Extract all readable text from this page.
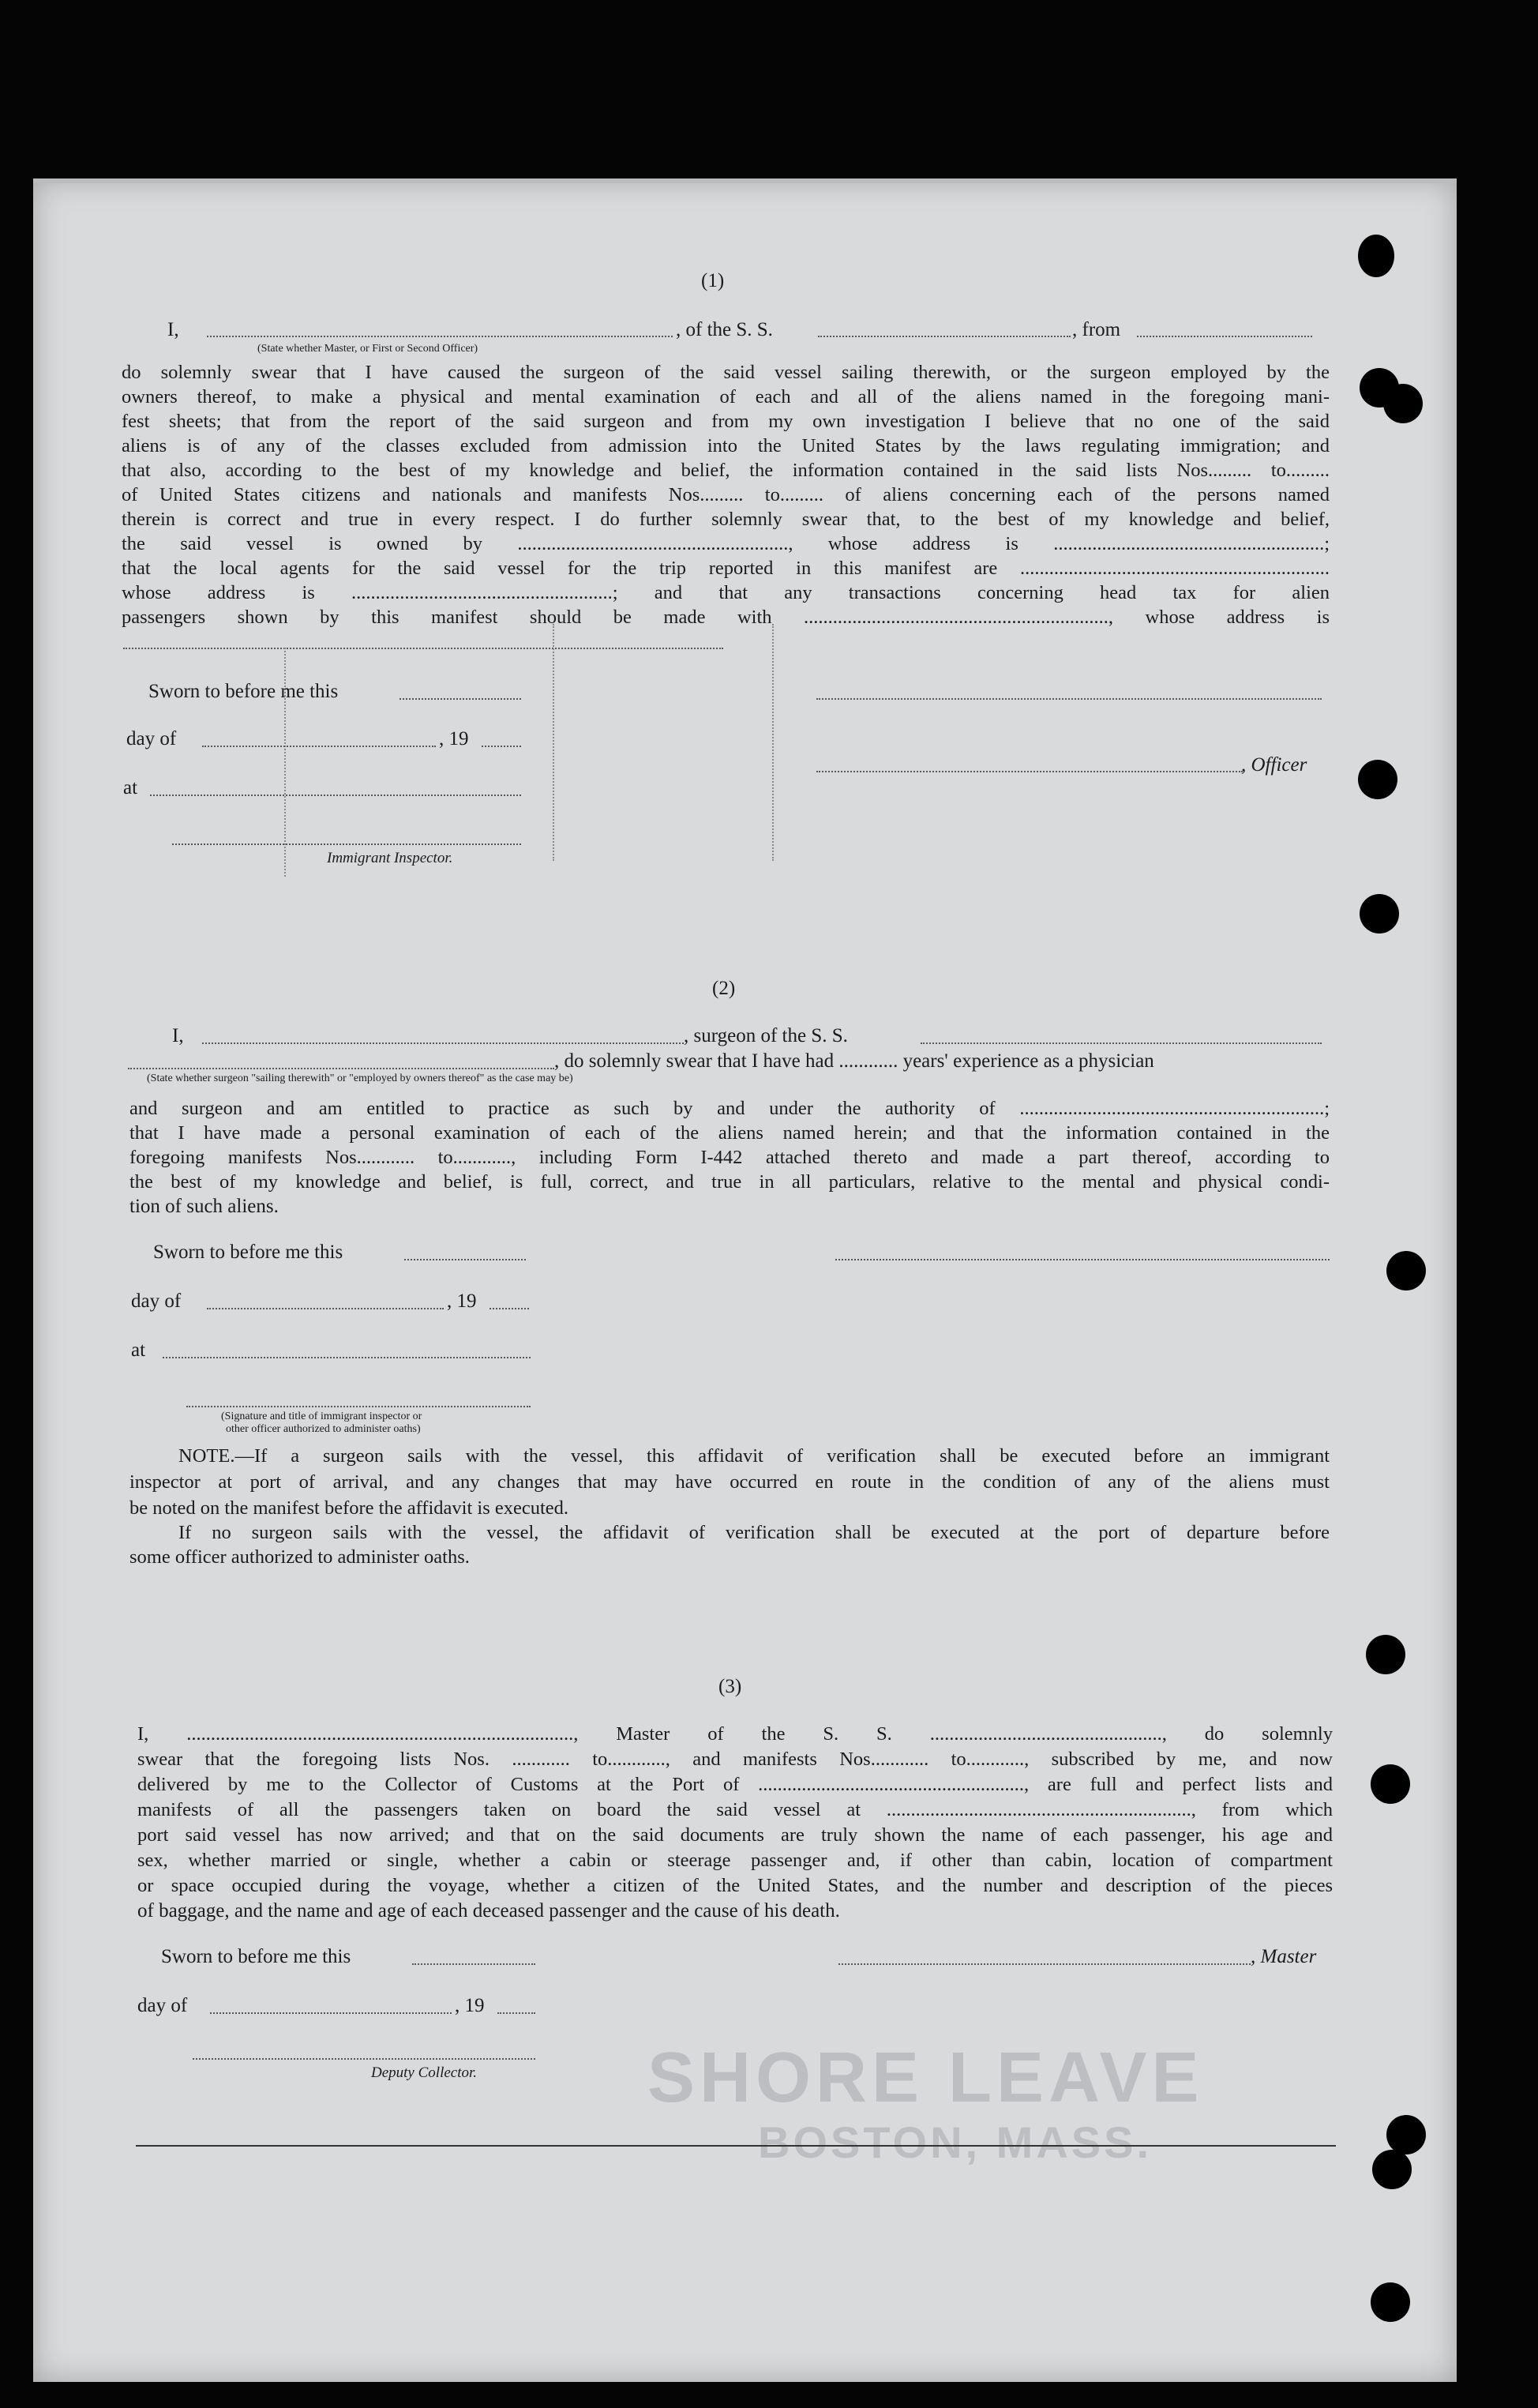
SHORE LEAVE
BOSTON, MASS.
(1)
I,
(State whether Master, or First or Second Officer)
, of the S. S.	, from
do solemnly swear that I have caused the surgeon of the said vessel sailing therewith, or the surgeon employed by the
owners thereof, to make a physical and mental examination of each and all of the aliens named in the foregoing mani-
fest sheets; that from the report of the said surgeon and from my own investigation I believe that no one of the said
aliens is of any of the classes excluded from admission into the United States by the laws regulating immigration; and
that also, according to the best of my knowledge and belief, the information contained in the said lists Nos......... to.........
of United States citizens and nationals and manifests Nos......... to......... of aliens concerning each of the persons named
therein is correct and true in every respect. I do further solemnly swear that, to the best of my knowledge and belief,
the said vessel is owned by ........................................................, whose address is ........................................................;
that the local agents for the said vessel for the trip reported in this manifest are ................................................................
whose address is ......................................................; and that any transactions concerning head tax for alien
passengers shown by this manifest should be made with ..............................................................., whose address is
Sworn to before me this
day of	, 19
, Officer
at
Immigrant Inspector.
(2)
I,	, surgeon of the S. S.
, do solemnly swear that I have had ............ years' experience as a physician
(State whether surgeon "sailing therewith" or "employed by owners thereof" as the case may be)
and surgeon and am entitled to practice as such by and under the authority of ...............................................................;
that I have made a personal examination of each of the aliens named herein; and that the information contained in the
foregoing manifests Nos............ to............, including Form I-442 attached thereto and made a part thereof, according to
the best of my knowledge and belief, is full, correct, and true in all particulars, relative to the mental and physical condi-
tion of such aliens.
Sworn to before me this
day of	, 19
at
(Signature and title of immigrant inspector or
other officer authorized to administer oaths)
NOTE.—If a surgeon sails with the vessel, this affidavit of verification shall be executed before an immigrant
inspector at port of arrival, and any changes that may have occurred en route in the condition of any of the aliens must
be noted on the manifest before the affidavit is executed.
If no surgeon sails with the vessel, the affidavit of verification shall be executed at the port of departure before
some officer authorized to administer oaths.
(3)
I, ................................................................................, Master of the S. S. ................................................, do solemnly
swear that the foregoing lists Nos. ............ to............, and manifests Nos............ to............, subscribed by me, and now
delivered by me to the Collector of Customs at the Port of ......................................................., are full and perfect lists and
manifests of all the passengers taken on board the said vessel at ..............................................................., from which
port said vessel has now arrived; and that on the said documents are truly shown the name of each passenger, his age and
sex, whether married or single, whether a cabin or steerage passenger and, if other than cabin, location of compartment
or space occupied during the voyage, whether a citizen of the United States, and the number and description of the pieces
of baggage, and the name and age of each deceased passenger and the cause of his death.
Sworn to before me this	, Master
day of	, 19
Deputy Collector.
